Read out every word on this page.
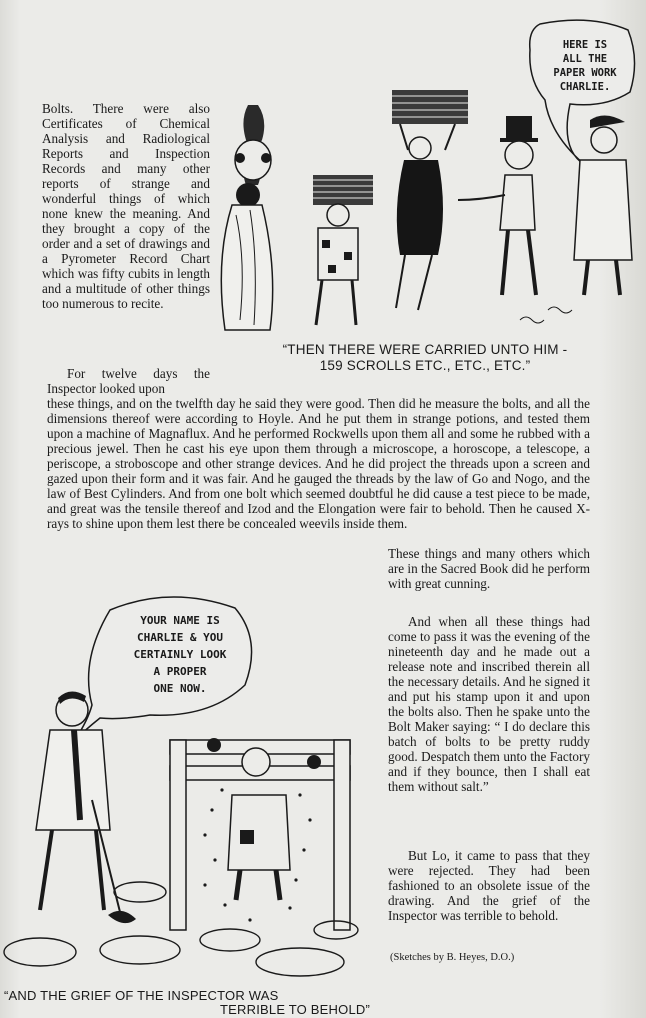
HERE IS
ALL THE
PAPER WORK
CHARLIE.
“THEN THERE WERE CARRIED UNTO HIM -
159 SCROLLS ETC., ETC., ETC.”

Bolts. There were also Certificates of Chemical Analysis and Radiological Reports and Inspection Records and many other reports of strange and wonderful things of which none knew the meaning. And they brought a copy of the order and a set of drawings and a Pyrometer Record Chart which was fifty cubits in length and a multitude of other things too numerous to recite.

For twelve days the Inspector looked upon

these things, and on the twelfth day he said they were good. Then did he measure the bolts, and all the dimensions thereof were according to Hoyle. And he put them in strange potions, and tested them upon a machine of Magnaflux. And he performed Rockwells upon them all and some he rubbed with a precious jewel. Then he cast his eye upon them through a microscope, a horoscope, a telescope, a periscope, a stroboscope and other strange devices. And he did project the threads upon a screen and gazed upon their form and it was fair. And he gauged the threads by the law of Go and Nogo, and the law of Best Cylinders. And from one bolt which seemed doubtful he did cause a test piece to be made, and great was the tensile thereof and Izod and the Elongation were fair to behold. Then he caused X-rays to shine upon them lest there be concealed weevils inside them.

These things and many others which are in the Sacred Book did he perform with great cunning.

And when all these things had come to pass it was the evening of the nineteenth day and he made out a release note and inscribed therein all the necessary details. And he signed it and put his stamp upon it and upon the bolts also. Then he spake unto the Bolt Maker saying: “ I do declare this batch of bolts to be pretty ruddy good. Despatch them unto the Factory and if they bounce, then I shall eat them without salt.”

But Lo, it came to pass that they were rejected. They had been fashioned to an obsolete issue of the drawing. And the grief of the Inspector was terrible to behold.

(Sketches by B. Heyes, D.O.)
YOUR NAME IS
CHARLIE & YOU
CERTAINLY LOOK
A PROPER
ONE NOW.
“AND THE GRIEF OF THE INSPECTOR WAS
TERRIBLE TO BEHOLD”
